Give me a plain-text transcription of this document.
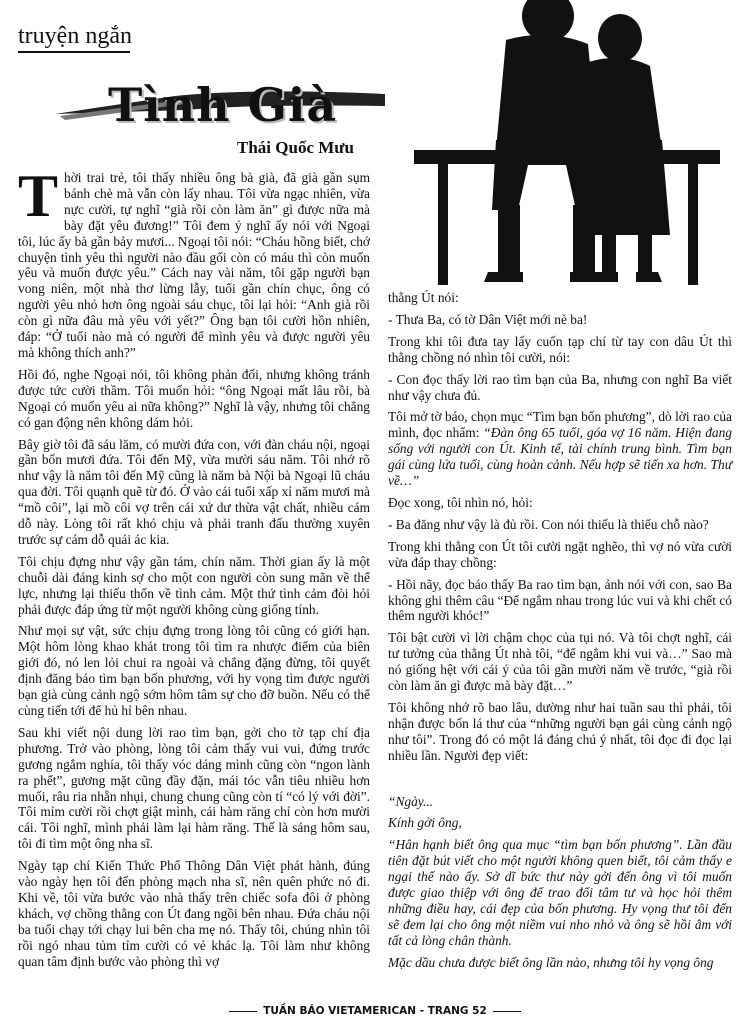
truyện ngắn
Tình Già
Thái Quốc Mưu

Thời trai trẻ, tôi thấy nhiều ông bà già, đã già gần sụm bánh chè mà vẫn còn lấy nhau. Tôi vừa ngạc nhiên, vừa nực cười, tự nghĩ “già rồi còn làm ăn” gì được nữa mà bày đặt yêu đương!” Tôi đem ý nghĩ ấy nói với Ngoại tôi, lúc ấy bà gần bảy mươi... Ngoại tôi nói: “Cháu hồng biết, chớ chuyện tình yêu thì người nào đầu gối còn có máu thì còn muốn yêu và muốn được yêu.” Cách nay vài năm, tôi gặp người bạn vong niên, một nhà thơ lừng lẫy, tuổi gần chín chục, ông có người yêu nhỏ hơn ông ngoài sáu chục, tôi lại hỏi: “Anh già rồi còn gì nữa đâu mà yêu với yết?” Ông bạn tôi cười hồn nhiên, đáp: “Ở tuổi nào mà có người để mình yêu và được người yêu mà không thích anh?”

Hồi đó, nghe Ngoại nói, tôi không phản đối, nhưng không tránh được tức cười thầm. Tôi muốn hỏi: “ông Ngoại mất lâu rồi, bà Ngoại có muốn yêu ai nữa không?” Nghĩ là vậy, nhưng tôi chẳng có gan động nên không dám hỏi.

Bây giờ tôi đã sáu lăm, có mười đứa con, với đàn cháu nội, ngoại gần bốn mươi đứa. Tôi đến Mỹ, vừa mười sáu năm. Tôi nhớ rõ như vậy là năm tôi đến Mỹ cũng là năm bà Nội bà Ngoại lũ cháu qua đời. Tôi quạnh quẽ từ đó. Ở vào cái tuổi xấp xỉ năm mươi mà “mồ côi”, lại mồ côi vợ trên cái xứ dư thừa vật chất, nhiều cám dỗ này. Lòng tôi rất khó chịu và phải tranh đấu thường xuyên trước sự cám dỗ quái ác kia.

Tôi chịu đựng như vậy gần tám, chín năm. Thời gian ấy là một chuỗi dài đáng kinh sợ cho một con người còn sung mãn về thể lực, nhưng lại thiếu thốn về tình cảm. Một thứ tình cảm đòi hỏi phải được đáp ứng từ một người không cùng giống tính.

Như mọi sự vật, sức chịu đựng trong lòng tôi cũng có giới hạn. Một hôm lòng khao khát trong tôi tìm ra nhược điểm của biên giới đó, nó len lỏi chui ra ngoài và chẳng đặng đừng, tôi quyết định đăng báo tìm bạn bốn phương, với hy vọng tìm được người bạn già cùng cảnh ngộ sớm hôm tâm sự cho đỡ buồn. Nếu có thể cùng tiến tới để hủ hỉ bên nhau.

Sau khi viết nội dung lời rao tìm bạn, gởi cho tờ tạp chí địa phương. Trở vào phòng, lòng tôi cảm thấy vui vui, đứng trước gương ngắm nghía, tôi thấy vóc dáng mình cũng còn “ngon lành ra phết”, gương mặt cũng đầy đặn, mái tóc vẫn tiêu nhiều hơn muối, râu ria nhẵn nhụi, chung chung cũng còn tí “có lý với đời”. Tôi mỉm cười rồi chợt giật mình, cái hàm răng chỉ còn hơn mười cái. Tôi nghĩ, mình phải làm lại hàm răng. Thế là sáng hôm sau, tôi đi tìm một ông nha sĩ.

Ngày tạp chí Kiến Thức Phổ Thông Dân Việt phát hành, đúng vào ngày hẹn tôi đến phòng mạch nha sĩ, nên quên phức nó đi. Khi về, tôi vừa bước vào nhà thấy trên chiếc sofa đôi ở phòng khách, vợ chồng thằng con Út đang ngồi bên nhau. Đứa cháu nội ba tuổi chạy tới chạy lui bên cha mẹ nó. Thấy tôi, chúng nhìn tôi rồi ngó nhau tủm tỉm cười có vẻ khác lạ. Tôi làm như không quan tâm định bước vào phòng thì vợ

thằng Út nói:

- Thưa Ba, có tờ Dân Việt mới nè ba!

Trong khi tôi đưa tay lấy cuốn tạp chí từ tay con dâu Út thì thằng chồng nó nhìn tôi cười, nói:

- Con đọc thấy lời rao tìm bạn của Ba, nhưng con nghĩ Ba viết như vậy chưa đủ.

Tôi mở tờ báo, chọn mục “Tìm bạn bốn phương”, dò lời rao của mình, đọc nhẩm: “Đàn ông 65 tuổi, góa vợ 16 năm. Hiện đang sống với người con Út. Kinh tế, tài chính trung bình. Tìm bạn gái cùng lứa tuổi, cùng hoàn cảnh. Nếu hợp sẽ tiến xa hơn. Thư về…”

Đọc xong, tôi nhìn nó, hỏi:

- Ba đăng như vậy là đủ rồi. Con nói thiếu là thiếu chỗ nào?

Trong khi thằng con Út tôi cười ngặt nghẽo, thì vợ nó vừa cười vừa đáp thay chồng:

- Hồi nãy, đọc báo thấy Ba rao tìm bạn, ảnh nói với con, sao Ba không ghi thêm câu “Để ngắm nhau trong lúc vui và khi chết có thêm người khóc!”

Tôi bật cười vì lời chậm chọc của tụi nó. Và tôi chợt nghĩ, cái tư tưởng của thằng Út nhà tôi, “để ngắm khi vui và…” Sao mà nó giống hệt với cái ý của tôi gần mười năm về trước, “già rồi còn làm ăn gì được mà bày đặt…”

Tôi không nhớ rõ bao lâu, dường như hai tuần sau thì phải, tôi nhận được bốn lá thư của “những người bạn gái cùng cảnh ngộ như tôi”. Trong đó có một lá đáng chú ý nhất, tôi đọc đi đọc lại nhiều lần. Người đẹp viết:

“Ngày...

Kính gởi ông,

“Hân hạnh biết ông qua mục “tìm bạn bốn phương”. Lần đầu tiên đặt bút viết cho một người không quen biết, tôi cảm thấy e ngại thế nào ấy. Sở dĩ bức thư này gởi đến ông vì tôi muốn được giao thiệp với ông để trao đổi tâm tư và học hỏi thêm những điều hay, cái đẹp của bốn phương. Hy vọng thư tôi đến sẽ đem lại cho ông một niềm vui nho nhỏ và ông sẽ hồi âm với tất cả lòng chân thành.

Mặc dầu chưa được biết ông lần nào, nhưng tôi hy vọng ông

TUẦN BÁO VIETAMERICAN - TRANG 52
